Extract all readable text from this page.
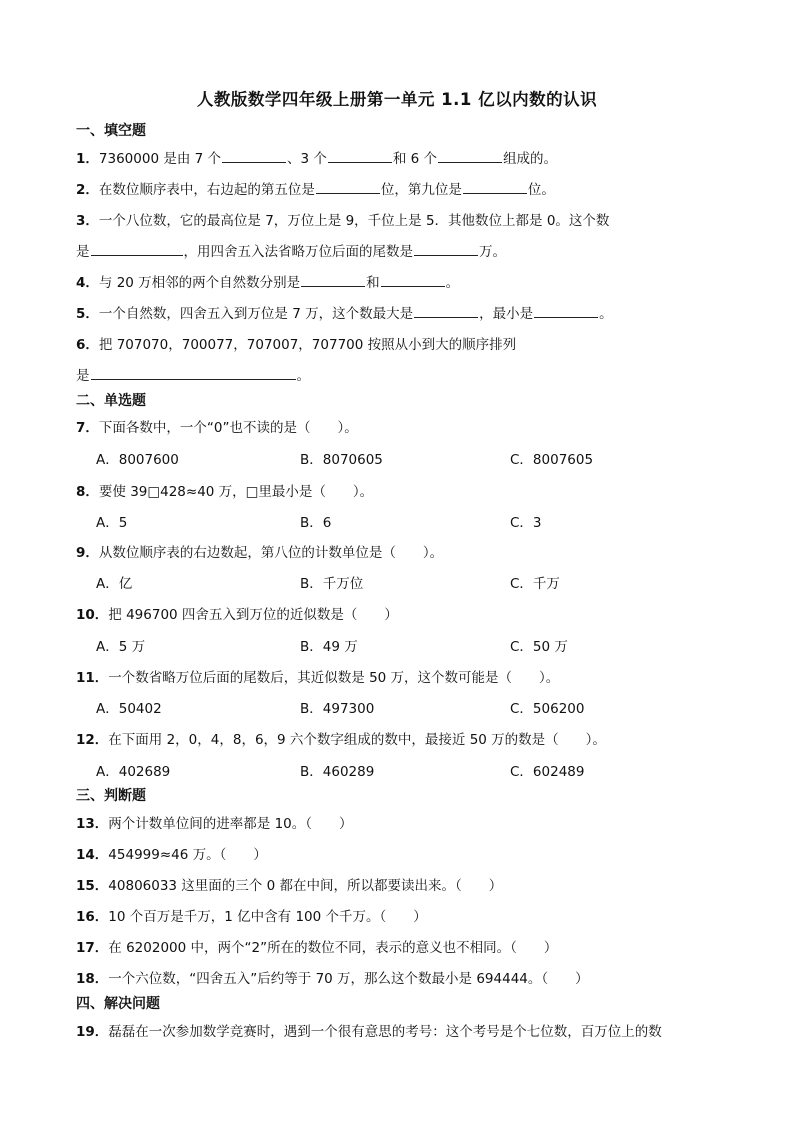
人教版数学四年级上册第一单元 1.1 亿以内数的认识
一、填空题
1．7360000 是由 7 个	、3 个	和 6 个	组成的。
2．在数位顺序表中，右边起的第五位是	位，第九位是	位。
3．一个八位数，它的最高位是 7，万位上是 9，千位上是 5．其他数位上都是 0。这个数
是	，用四舍五入法省略万位后面的尾数是	万。
4．与 20 万相邻的两个自然数分别是	和	。
5．一个自然数，四舍五入到万位是 7 万，这个数最大是	，最小是	。
6．把 707070，700077，707007，707700 按照从小到大的顺序排列
是	。
二、单选题
7．下面各数中，一个“0”也不读的是（　　）。
A．8007600	B．8070605	C．8007605
8．要使 39□428≈40 万，□里最小是（　　）。
A．5	B．6	C．3
9．从数位顺序表的右边数起，第八位的计数单位是（　　）。
A．亿	B．千万位	C．千万
10．把 496700 四舍五入到万位的近似数是（　　）
A．5 万	B．49 万	C．50 万
11．一个数省略万位后面的尾数后，其近似数是 50 万，这个数可能是（　　）。
A．50402	B．497300	C．506200
12．在下面用 2，0，4，8，6，9 六个数字组成的数中，最接近 50 万的数是（　　）。
A．402689	B．460289	C．602489
三、判断题
13．两个计数单位间的进率都是 10。（　　）
14．454999≈46 万。（　　）
15．40806033 这里面的三个 0 都在中间，所以都要读出来。（　　）
16．10 个百万是千万，1 亿中含有 100 个千万。（　　）
17．在 6202000 中，两个“2”所在的数位不同，表示的意义也不相同。（　　）
18．一个六位数，“四舍五入”后约等于 70 万，那么这个数最小是 694444。（　　）
四、解决问题
19．磊磊在一次参加数学竞赛时，遇到一个很有意思的考号：这个考号是个七位数，百万位上的数
